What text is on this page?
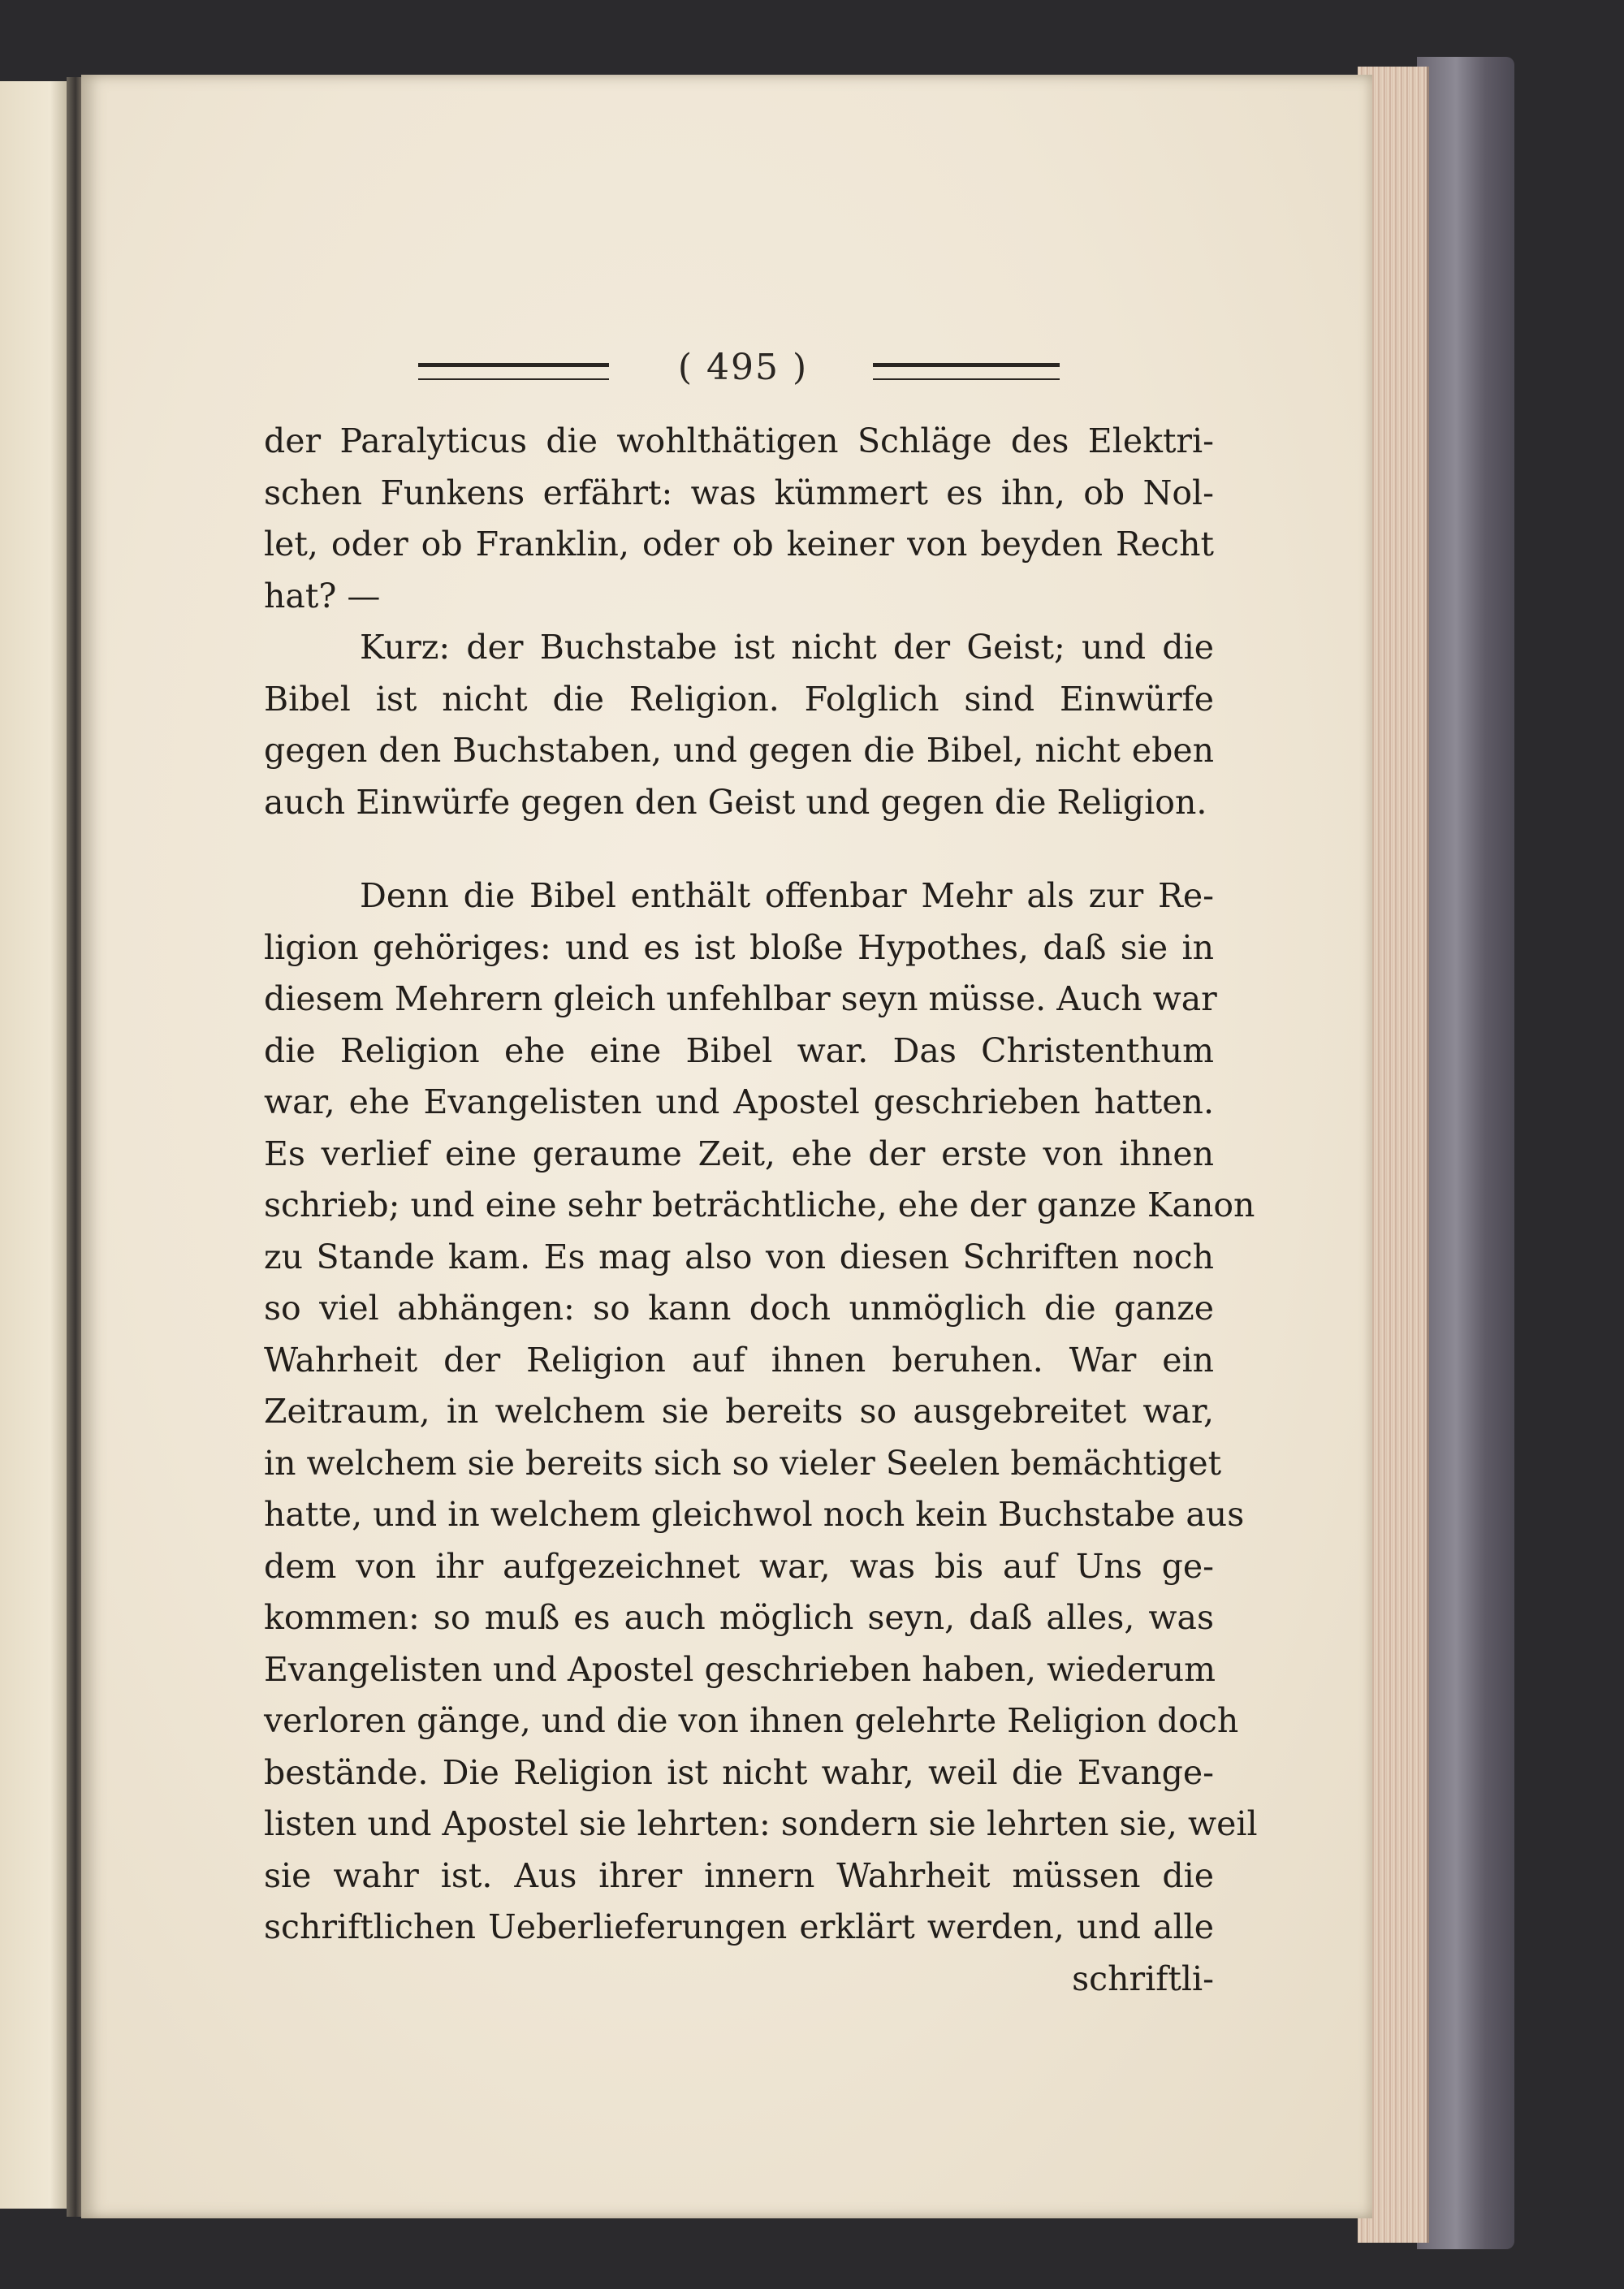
( 495 )
der Paralyticus die wohlthätigen Schläge des Elektri-
schen Funkens erfährt: was kümmert es ihn, ob Nol-
let, oder ob Franklin, oder ob keiner von beyden Recht
hat? —
Kurz: der Buchstabe ist nicht der Geist; und die
Bibel ist nicht die Religion. Folglich sind Einwürfe
gegen den Buchstaben, und gegen die Bibel, nicht eben
auch Einwürfe gegen den Geist und gegen die Religion.
Denn die Bibel enthält offenbar Mehr als zur Re-
ligion gehöriges: und es ist bloße Hypothes, daß sie in
diesem Mehrern gleich unfehlbar seyn müsse. Auch war
die Religion ehe eine Bibel war. Das Christenthum
war, ehe Evangelisten und Apostel geschrieben hatten.
Es verlief eine geraume Zeit, ehe der erste von ihnen
schrieb; und eine sehr beträchtliche, ehe der ganze Kanon
zu Stande kam. Es mag also von diesen Schriften noch
so viel abhängen: so kann doch unmöglich die ganze
Wahrheit der Religion auf ihnen beruhen. War ein
Zeitraum, in welchem sie bereits so ausgebreitet war,
in welchem sie bereits sich so vieler Seelen bemächtiget
hatte, und in welchem gleichwol noch kein Buchstabe aus
dem von ihr aufgezeichnet war, was bis auf Uns ge-
kommen: so muß es auch möglich seyn, daß alles, was
Evangelisten und Apostel geschrieben haben, wiederum
verloren gänge, und die von ihnen gelehrte Religion doch
bestände. Die Religion ist nicht wahr, weil die Evange-
listen und Apostel sie lehrten: sondern sie lehrten sie, weil
sie wahr ist. Aus ihrer innern Wahrheit müssen die
schriftlichen Ueberlieferungen erklärt werden, und alle
schriftli-
